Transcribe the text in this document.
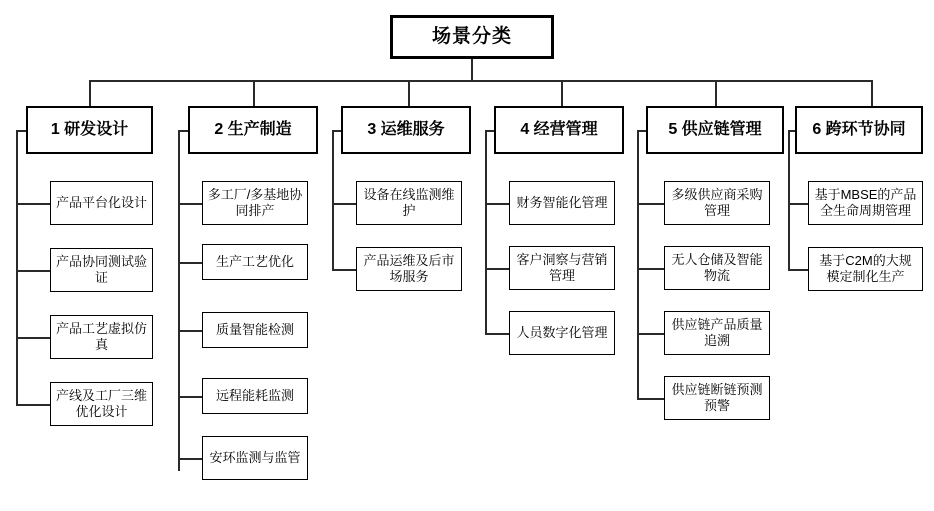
场景分类
1 研发设计
产品平台化设计
产品协同测试验证
产品工艺虚拟仿真
产线及工厂三维优化设计
2 生产制造
多工厂/多基地协同排产
生产工艺优化
质量智能检测
远程能耗监测
安环监测与监管
3 运维服务
设备在线监测维护
产品运维及后市场服务
4 经营管理
财务智能化管理
客户洞察与营销管理
人员数字化管理
5 供应链管理
多级供应商采购管理
无人仓储及智能物流
供应链产品质量追溯
供应链断链预测预警
6 跨环节协同
基于MBSE的产品全生命周期管理
基于C2M的大规模定制化生产
